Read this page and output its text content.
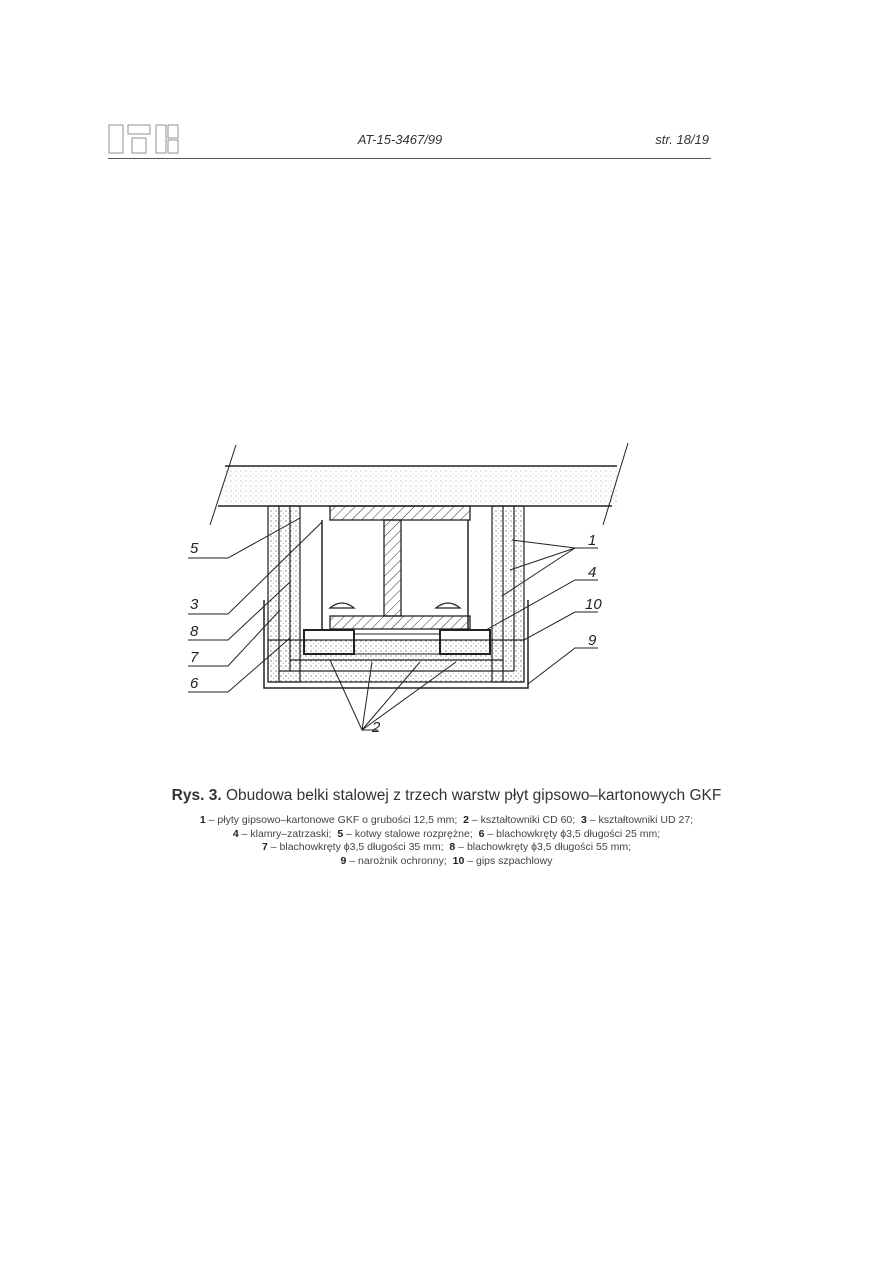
AT-15-3467/99	str. 18/19
5
3
8
7
6
1
4
10
9
2
Rys. 3. Obudowa belki stalowej z trzech warstw płyt gipsowo–kartonowych GKF
1 – płyty gipsowo–kartonowe GKF o grubości 12,5 mm; 2 – kształtowniki CD 60; 3 – kształtowniki UD 27;
4 – klamry–zatrzaski; 5 – kotwy stalowe rozprężne; 6 – blachowkręty ϕ3,5 długości 25 mm;
7 – blachowkręty ϕ3,5 długości 35 mm; 8 – blachowkręty ϕ3,5 długości 55 mm;
9 – narożnik ochronny; 10 – gips szpachlowy
